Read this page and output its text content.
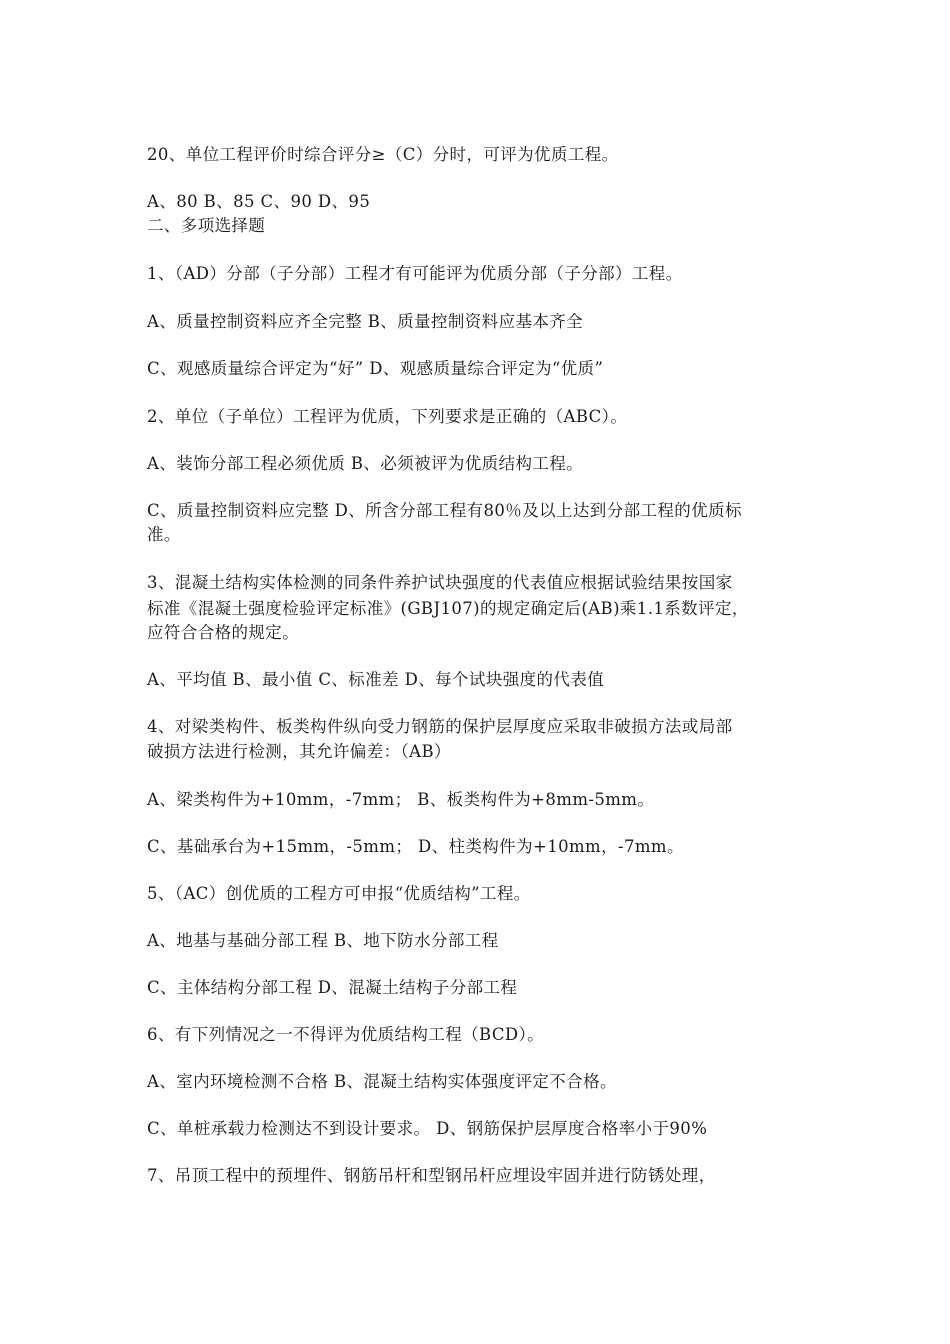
20、单位工程评价时综合评分≥（C）分时，可评为优质工程。
A、80 B、85 C、90 D、95
二、多项选择题
1、（AD）分部（子分部）工程才有可能评为优质分部（子分部）工程。
A、质量控制资料应齐全完整 B、质量控制资料应基本齐全
C、观感质量综合评定为“好” D、观感质量综合评定为“优质”
2、单位（子单位）工程评为优质，下列要求是正确的（ABC）。
A、装饰分部工程必须优质 B、必须被评为优质结构工程。
C、质量控制资料应完整 D、所含分部工程有80％及以上达到分部工程的优质标
准。
3、混凝土结构实体检测的同条件养护试块强度的代表值应根据试验结果按国家
标准《混凝土强度检验评定标准》(GBJ107)的规定确定后(AB)乘1.1系数评定，
应符合合格的规定。
A、平均值 B、最小值 C、标准差 D、每个试块强度的代表值
4、对梁类构件、板类构件纵向受力钢筋的保护层厚度应采取非破损方法或局部
破损方法进行检测，其允许偏差：（AB）
A、梁类构件为+10mm，-7mm； B、板类构件为+8mm-5mm。
C、基础承台为+15mm，-5mm； D、柱类构件为+10mm，-7mm。
5、（AC）创优质的工程方可申报“优质结构”工程。
A、地基与基础分部工程 B、地下防水分部工程
C、主体结构分部工程 D、混凝土结构子分部工程
6、有下列情况之一不得评为优质结构工程（BCD）。
A、室内环境检测不合格 B、混凝土结构实体强度评定不合格。
C、单桩承载力检测达不到设计要求。 D、钢筋保护层厚度合格率小于90%
7、吊顶工程中的预埋件、钢筋吊杆和型钢吊杆应埋设牢固并进行防锈处理，
